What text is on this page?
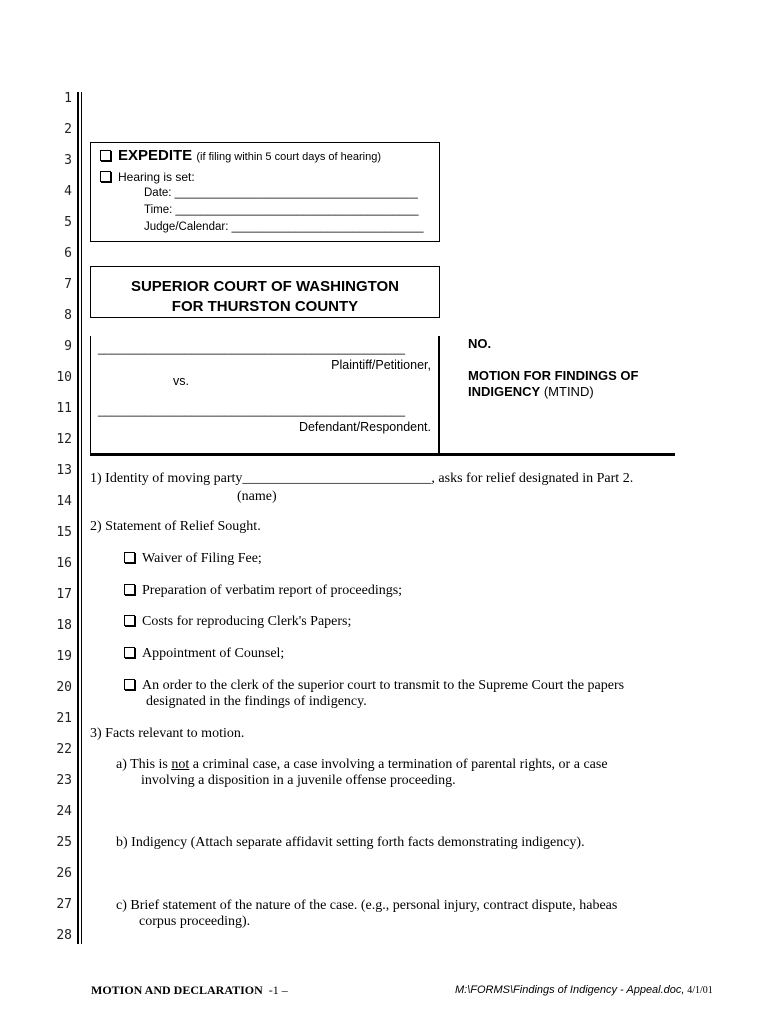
1
2
3
4
5
6
7
8
9
10
11
12
13
14
15
16
17
18
19
20
21
22
23
24
25
26
27
28
EXPEDITE (if filing within 5 court days of hearing)
Hearing is set:
Date: ______________________________________
Time: ______________________________________
Judge/Calendar: ______________________________
SUPERIOR COURT OF WASHINGTON
FOR THURSTON COUNTY
______________________________________________
Plaintiff/Petitioner,
vs.
______________________________________________
Defendant/Respondent.
NO.
MOTION FOR FINDINGS OF
INDIGENCY (MTIND)
1) Identity of moving party___________________________, asks for relief designated in Part 2.
(name)
2) Statement of Relief Sought.
Waiver of Filing Fee;
Preparation of verbatim report of proceedings;
Costs for reproducing Clerk's Papers;
Appointment of Counsel;
An order to the clerk of the superior court to transmit to the Supreme Court the papers
designated in the findings of indigency.
3) Facts relevant to motion.
a) This is not a criminal case, a case involving a termination of parental rights, or a case
involving a disposition in a juvenile offense proceeding.
b) Indigency (Attach separate affidavit setting forth facts demonstrating indigency).
c) Brief statement of the nature of the case. (e.g., personal injury, contract dispute, habeas
corpus proceeding).
MOTION AND DECLARATION -1 –	M:\FORMS\Findings of Indigency - Appeal.doc, 4/1/01
